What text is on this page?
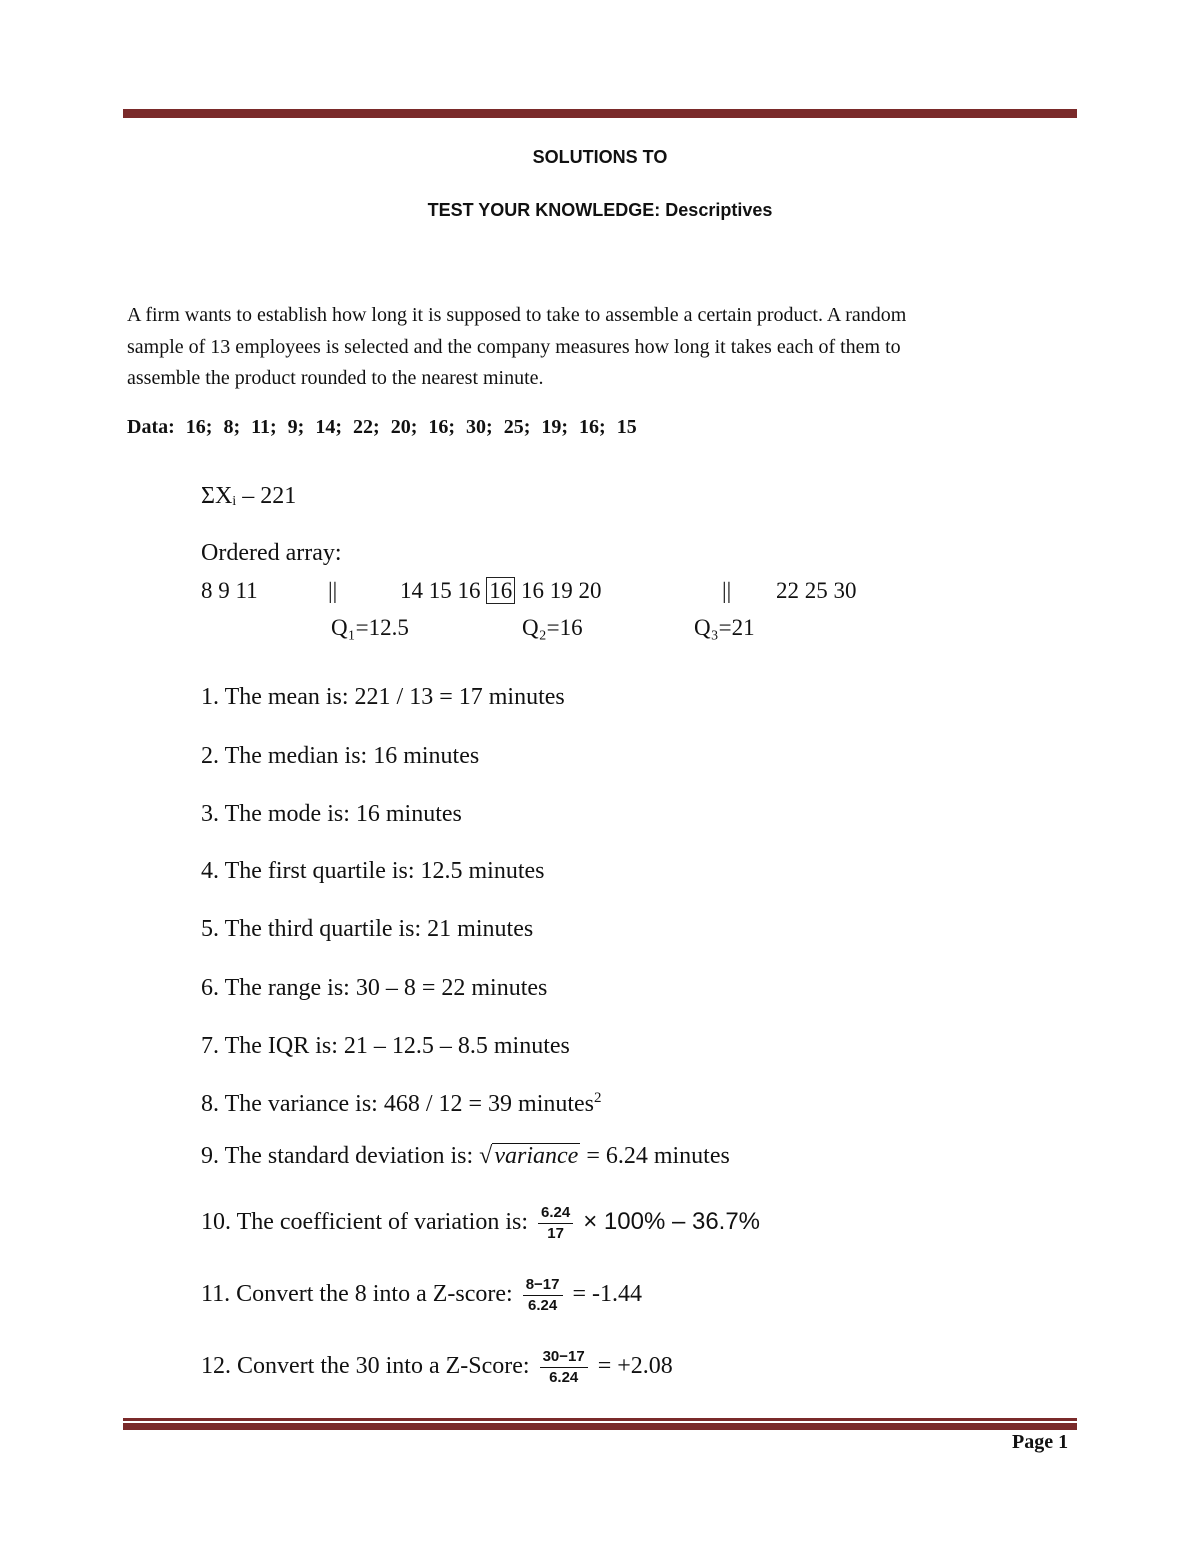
SOLUTIONS TO
TEST YOUR KNOWLEDGE: Descriptives
A firm wants to establish how long it is supposed to take to assemble a certain product. A random
sample of 13 employees is selected and the company measures how long it takes each of them to
assemble the product rounded to the nearest minute.
Data: 16; 8; 11; 9; 14; 22; 20; 16; 30; 25; 19; 16; 15
ΣXᵢ – 221
Ordered array:
8 9 11	||	14 15 16 16 16 19 20	|| 22 25 30
Q₁=12.5	Q₂=16	Q₃=21
1. The mean is: 221 / 13 = 17 minutes
2. The median is: 16 minutes
3. The mode is: 16 minutes
4. The first quartile is: 12.5 minutes
5. The third quartile is: 21 minutes
6. The range is: 30 – 8 = 22 minutes
7. The IQR is: 21 – 12.5 – 8.5 minutes
8. The variance is: 468 / 12 = 39 minutes$^2$
9. The standard deviation is: √variance = 6.24 minutes
10. The coefficient of variation is: $\frac{6.24}{17} \times 100\% - 36.7\%$
11. Convert the 8 into a Z-score: $\frac{8-17}{6.24} = -1.44$
12. Convert the 30 into a Z-Score: $\frac{30-17}{6.24} = +2.08$
Page 1
